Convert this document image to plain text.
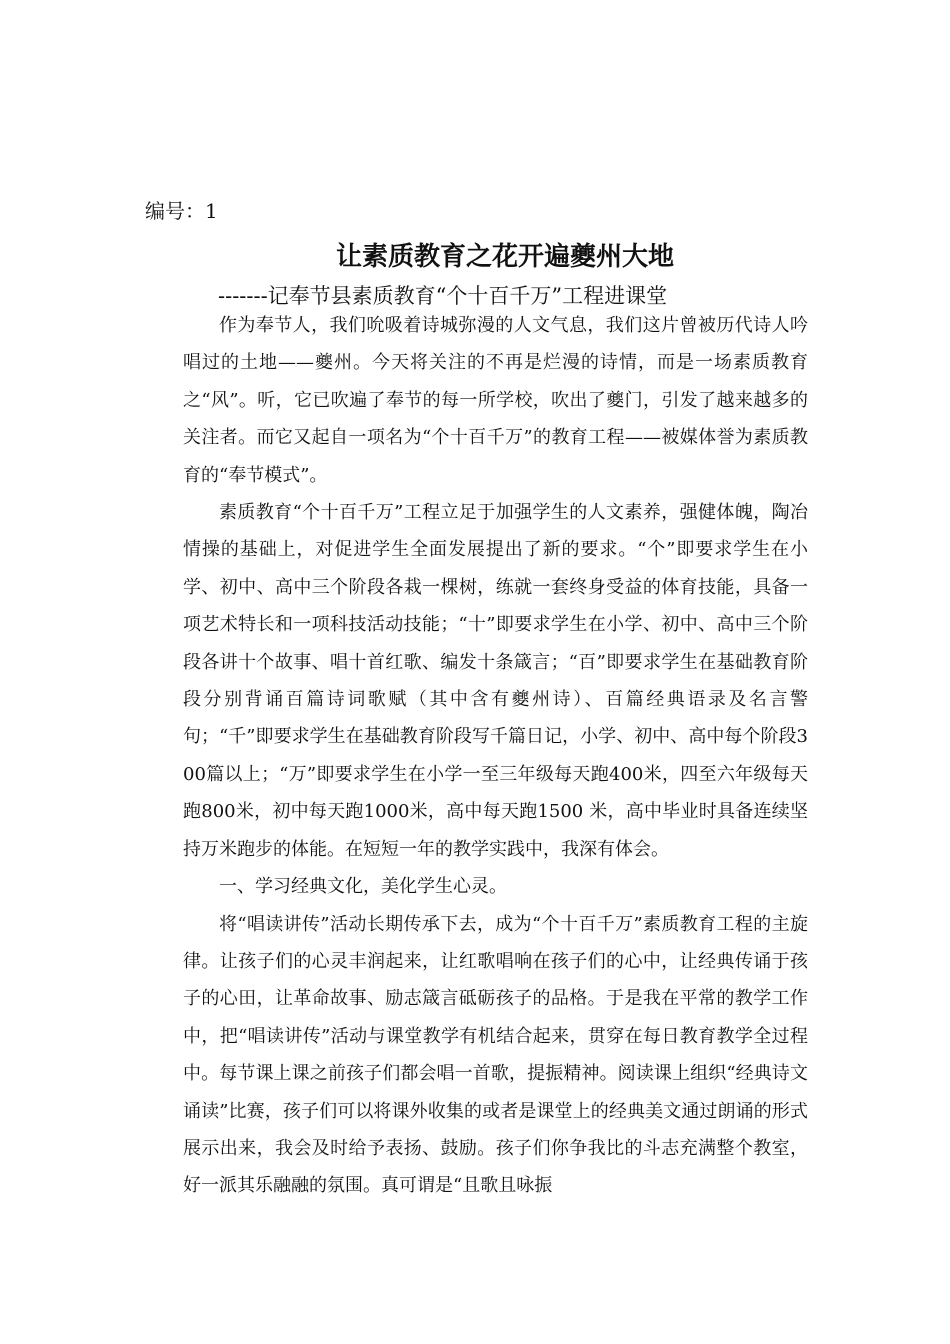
编号：1
让素质教育之花开遍夔州大地
-------记奉节县素质教育“个十百千万”工程进课堂

作为奉节人，我们吮吸着诗城弥漫的人文气息，我们这片曾被历代诗人吟唱过的土地——夔州。今天将关注的不再是烂漫的诗情，而是一场素质教育之“风”。听，它已吹遍了奉节的每一所学校，吹出了夔门，引发了越来越多的关注者。而它又起自一项名为“个十百千万”的教育工程——被媒体誉为素质教育的“奉节模式”。

素质教育“个十百千万”工程立足于加强学生的人文素养，强健体魄，陶冶情操的基础上，对促进学生全面发展提出了新的要求。“个”即要求学生在小学、初中、高中三个阶段各栽一棵树，练就一套终身受益的体育技能，具备一项艺术特长和一项科技活动技能；“十”即要求学生在小学、初中、高中三个阶段各讲十个故事、唱十首红歌、编发十条箴言；“百”即要求学生在基础教育阶段分别背诵百篇诗词歌赋（其中含有夔州诗）、百篇经典语录及名言警句；“千”即要求学生在基础教育阶段写千篇日记，小学、初中、高中每个阶段300篇以上；“万”即要求学生在小学一至三年级每天跑400米，四至六年级每天跑800米，初中每天跑1000米，高中每天跑1500 米，高中毕业时具备连续坚持万米跑步的体能。在短短一年的教学实践中，我深有体会。

一、学习经典文化，美化学生心灵。

将“唱读讲传”活动长期传承下去，成为“个十百千万”素质教育工程的主旋律。让孩子们的心灵丰润起来，让红歌唱响在孩子们的心中，让经典传诵于孩子的心田，让革命故事、励志箴言砥砺孩子的品格。于是我在平常的教学工作中，把“唱读讲传”活动与课堂教学有机结合起来，贯穿在每日教育教学全过程中。每节课上课之前孩子们都会唱一首歌，提振精神。阅读课上组织“经典诗文诵读”比赛，孩子们可以将课外收集的或者是课堂上的经典美文通过朗诵的形式展示出来，我会及时给予表扬、鼓励。孩子们你争我比的斗志充满整个教室，好一派其乐融融的氛围。真可谓是“且歌且咏振
